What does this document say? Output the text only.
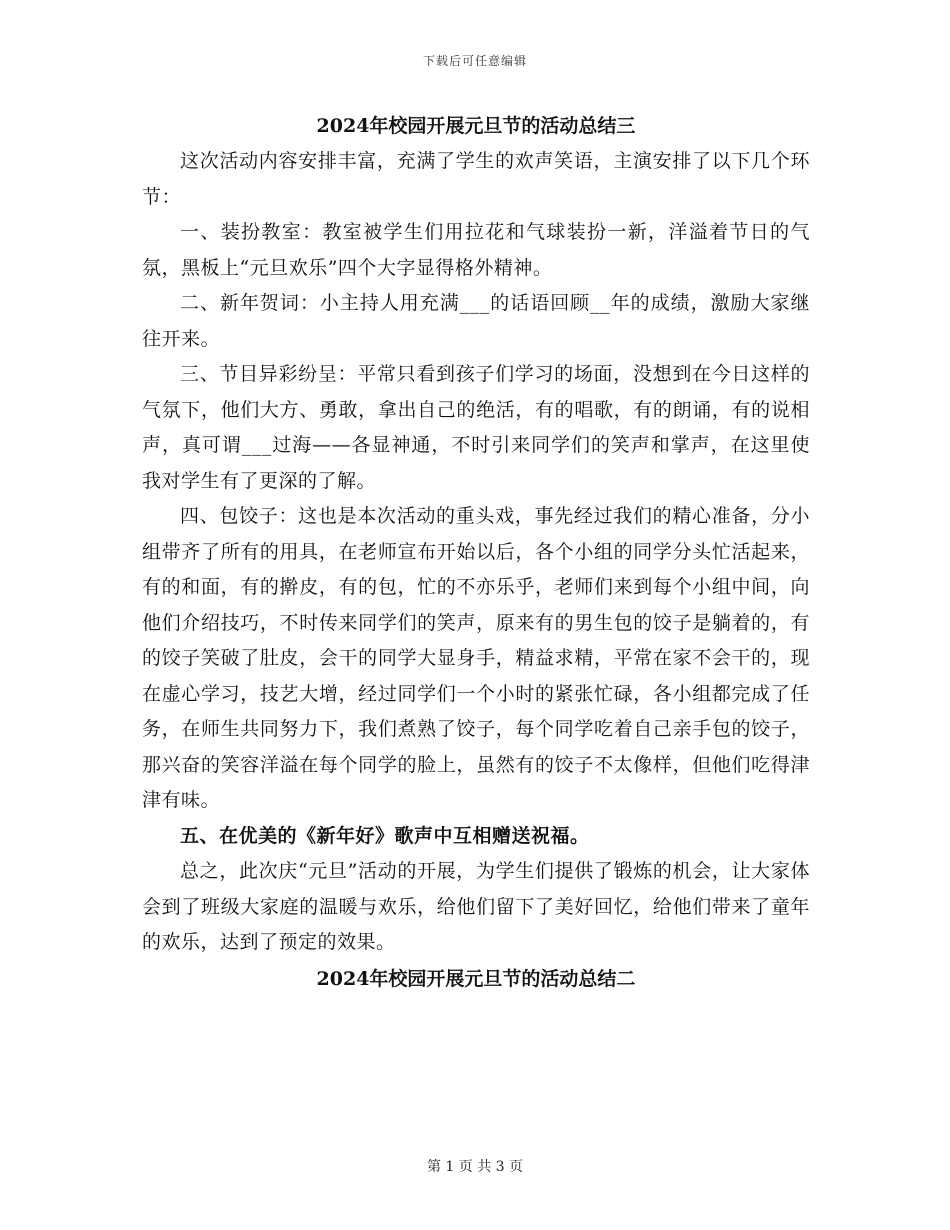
下载后可任意编辑
2024年校园开展元旦节的活动总结三

这次活动内容安排丰富，充满了学生的欢声笑语，主演安排了以下几个环节：

一、装扮教室：教室被学生们用拉花和气球装扮一新，洋溢着节日的气氛，黑板上“元旦欢乐”四个大字显得格外精神。

二、新年贺词：小主持人用充满___的话语回顾__年的成绩，激励大家继往开来。

三、节目异彩纷呈：平常只看到孩子们学习的场面，没想到在今日这样的气氛下，他们大方、勇敢，拿出自己的绝活，有的唱歌，有的朗诵，有的说相声，真可谓___过海——各显神通，不时引来同学们的笑声和掌声，在这里使我对学生有了更深的了解。

四、包饺子：这也是本次活动的重头戏，事先经过我们的精心准备，分小组带齐了所有的用具，在老师宣布开始以后，各个小组的同学分头忙活起来，有的和面，有的擀皮，有的包，忙的不亦乐乎，老师们来到每个小组中间，向他们介绍技巧，不时传来同学们的笑声，原来有的男生包的饺子是躺着的，有的饺子笑破了肚皮，会干的同学大显身手，精益求精，平常在家不会干的，现在虚心学习，技艺大增，经过同学们一个小时的紧张忙碌，各小组都完成了任务，在师生共同努力下，我们煮熟了饺子，每个同学吃着自己亲手包的饺子，那兴奋的笑容洋溢在每个同学的脸上，虽然有的饺子不太像样，但他们吃得津津有味。

五、在优美的《新年好》歌声中互相赠送祝福。

总之，此次庆“元旦”活动的开展，为学生们提供了锻炼的机会，让大家体会到了班级大家庭的温暖与欢乐，给他们留下了美好回忆，给他们带来了童年的欢乐，达到了预定的效果。

2024年校园开展元旦节的活动总结二
第 1 页 共 3 页
